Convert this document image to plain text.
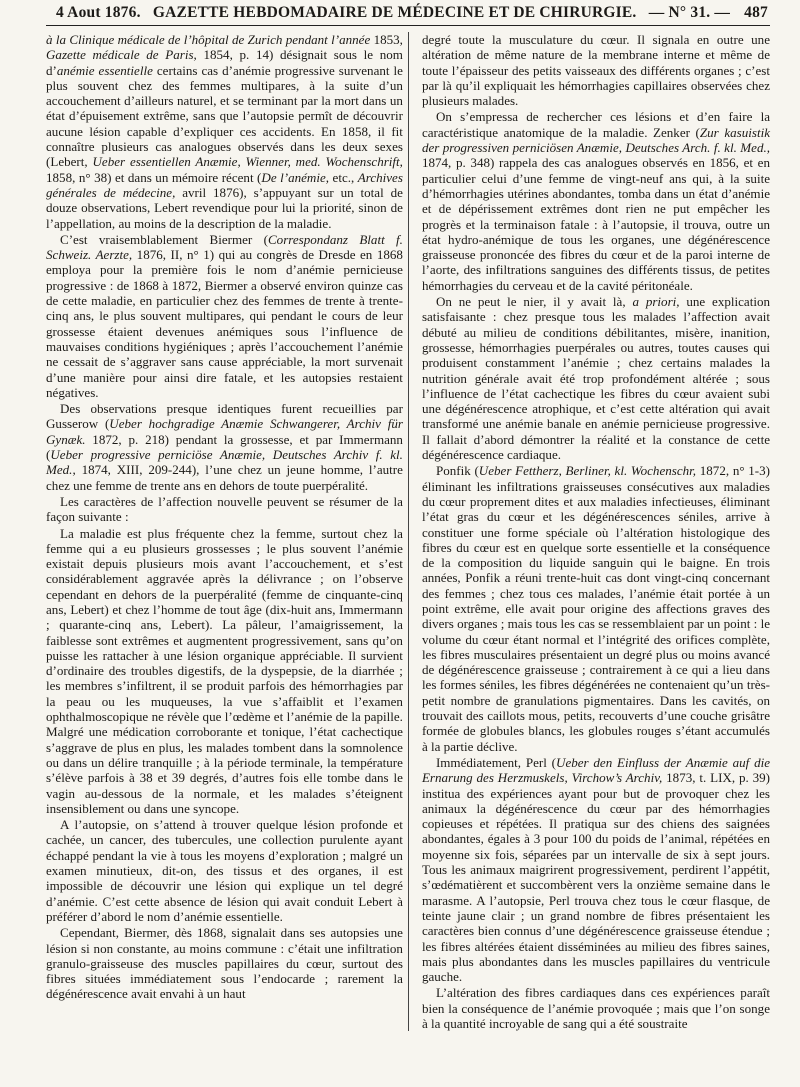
4 Aout 1876. GAZETTE HEBDOMADAIRE DE MÉDECINE ET DE CHIRURGIE. — N° 31. — 487

à la Clinique médicale de l’hôpital de Zurich pendant l’année 1853, Gazette médicale de Paris, 1854, p. 14) désignait sous le nom d’anémie essentielle certains cas d’anémie progressive survenant le plus souvent chez des femmes multipares, à la suite d’un accouchement d’ailleurs naturel, et se terminant par la mort dans un état d’épuisement extrême, sans que l’autopsie permît de découvrir aucune lésion capable d’expliquer ces accidents. En 1858, il fit connaître plusieurs cas analogues observés dans les deux sexes (Lebert, Ueber essentiellen Anæmie, Wienner, med. Wochenschrift, 1858, n° 38) et dans un mémoire récent (De l’anémie, etc., Archives générales de médecine, avril 1876), s’appuyant sur un total de douze observations, Lebert revendique pour lui la priorité, sinon de l’appellation, au moins de la description de la maladie.

C’est vraisemblablement Biermer (Correspondanz Blatt f. Schweiz. Aerzte, 1876, II, n° 1) qui au congrès de Dresde en 1868 employa pour la première fois le nom d’anémie pernicieuse progressive : de 1868 à 1872, Biermer a observé environ quinze cas de cette maladie, en particulier chez des femmes de trente à trente-cinq ans, le plus souvent multipares, qui pendant le cours de leur grossesse étaient devenues anémiques sous l’influence de mauvaises conditions hygiéniques ; après l’accouchement l’anémie ne cessait de s’aggraver sans cause appréciable, la mort survenait d’une manière pour ainsi dire fatale, et les autopsies restaient négatives.

Des observations presque identiques furent recueillies par Gusserow (Ueber hochgradige Anæmie Schwangerer, Archiv für Gynæk. 1872, p. 218) pendant la grossesse, et par Immermann (Ueber progressive perniciöse Anæmie, Deutsches Archiv f. kl. Med., 1874, XIII, 209-244), l’une chez un jeune homme, l’autre chez une femme de trente ans en dehors de toute puerpéralité.

Les caractères de l’affection nouvelle peuvent se résumer de la façon suivante :

La maladie est plus fréquente chez la femme, surtout chez la femme qui a eu plusieurs grossesses ; le plus souvent l’anémie existait depuis plusieurs mois avant l’accouchement, et s’est considérablement aggravée après la délivrance ; on l’observe cependant en dehors de la puerpéralité (femme de cinquante-cinq ans, Lebert) et chez l’homme de tout âge (dix-huit ans, Immermann ; quarante-cinq ans, Lebert). La pâleur, l’amaigrissement, la faiblesse sont extrêmes et augmentent progressivement, sans qu’on puisse les rattacher à une lésion organique appréciable. Il survient d’ordinaire des troubles digestifs, de la dyspepsie, de la diarrhée ; les membres s’infiltrent, il se produit parfois des hémorrhagies par la peau ou les muqueuses, la vue s’affaiblit et l’examen ophthalmoscopique ne révèle que l’œdème et l’anémie de la papille. Malgré une médication corroborante et tonique, l’état cachectique s’aggrave de plus en plus, les malades tombent dans la somnolence ou dans un délire tranquille ; à la période terminale, la température s’élève parfois à 38 et 39 degrés, d’autres fois elle tombe dans le vagin au-dessous de la normale, et les malades s’éteignent insensiblement ou dans une syncope.

A l’autopsie, on s’attend à trouver quelque lésion profonde et cachée, un cancer, des tubercules, une collection purulente ayant échappé pendant la vie à tous les moyens d’exploration ; malgré un examen minutieux, dit-on, des tissus et des organes, il est impossible de découvrir une lésion qui explique un tel degré d’anémie. C’est cette absence de lésion qui avait conduit Lebert à préférer d’abord le nom d’anémie essentielle.

Cependant, Biermer, dès 1868, signalait dans ses autopsies une lésion si non constante, au moins commune : c’était une infiltration granulo-graisseuse des muscles papillaires du cœur, surtout des fibres situées immédiatement sous l’endocarde ; rarement la dégénérescence avait envahi à un haut

degré toute la musculature du cœur. Il signala en outre une altération de même nature de la membrane interne et même de toute l’épaisseur des petits vaisseaux des différents organes ; c’est par là qu’il expliquait les hémorrhagies capillaires observées chez plusieurs malades.

On s’empressa de rechercher ces lésions et d’en faire la caractéristique anatomique de la maladie. Zenker (Zur kasuistik der progressiven perniciösen Anæmie, Deutsches Arch. f. kl. Med., 1874, p. 348) rappela des cas analogues observés en 1856, et en particulier celui d’une femme de vingt-neuf ans qui, à la suite d’hémorrhagies utérines abondantes, tomba dans un état d’anémie et de dépérissement extrêmes dont rien ne put empêcher les progrès et la terminaison fatale : à l’autopsie, il trouva, outre un état hydro-anémique de tous les organes, une dégénérescence graisseuse prononcée des fibres du cœur et de la paroi interne de l’aorte, des infiltrations sanguines des différents tissus, de petites hémorrhagies du cerveau et de la cavité péritonéale.

On ne peut le nier, il y avait là, a priori, une explication satisfaisante : chez presque tous les malades l’affection avait débuté au milieu de conditions débilitantes, misère, inanition, grossesse, hémorrhagies puerpérales ou autres, toutes causes qui produisent constamment l’anémie ; chez certains malades la nutrition générale avait été trop profondément altérée ; sous l’influence de l’état cachectique les fibres du cœur avaient subi une dégénérescence atrophique, et c’est cette altération qui avait transformé une anémie banale en anémie pernicieuse progressive. Il fallait d’abord démontrer la réalité et la constance de cette dégénérescence cardiaque.

Ponfik (Ueber Fettherz, Berliner, kl. Wochenschr, 1872, n° 1-3) éliminant les infiltrations graisseuses consécutives aux maladies du cœur proprement dites et aux maladies infectieuses, éliminant l’état gras du cœur et les dégénérescences séniles, arrive à constituer une forme spéciale où l’altération histologique des fibres du cœur est en quelque sorte essentielle et la conséquence de la composition du liquide sanguin qui le baigne. En trois années, Ponfik a réuni trente-huit cas dont vingt-cinq concernant des femmes ; chez tous ces malades, l’anémie était portée à un point extrême, elle avait pour origine des affections graves des divers organes ; mais tous les cas se ressemblaient par un point : le volume du cœur étant normal et l’intégrité des orifices complète, les fibres musculaires présentaient un degré plus ou moins avancé de dégénérescence graisseuse ; contrairement à ce qui a lieu dans les formes séniles, les fibres dégénérées ne contenaient qu’un très-petit nombre de granulations pigmentaires. Dans les cavités, on trouvait des caillots mous, petits, recouverts d’une couche grisâtre formée de globules blancs, les globules rouges s’étant accumulés à la partie déclive.

Immédiatement, Perl (Ueber den Einfluss der Anæmie auf die Ernarung des Herzmuskels, Virchow’s Archiv, 1873, t. LIX, p. 39) institua des expériences ayant pour but de provoquer chez les animaux la dégénérescence du cœur par des hémorrhagies copieuses et répétées. Il pratiqua sur des chiens des saignées abondantes, égales à 3 pour 100 du poids de l’animal, répétées en moyenne six fois, séparées par un intervalle de six à sept jours. Tous les animaux maigrirent progressivement, perdirent l’appétit, s’œdématièrent et succombèrent vers la onzième semaine dans le marasme. A l’autopsie, Perl trouva chez tous le cœur flasque, de teinte jaune clair ; un grand nombre de fibres présentaient les caractères bien connus d’une dégénérescence graisseuse étendue ; les fibres altérées étaient disséminées au milieu des fibres saines, mais plus abondantes dans les muscles papillaires du ventricule gauche.

L’altération des fibres cardiaques dans ces expériences paraît bien la conséquence de l’anémie provoquée ; mais que l’on songe à la quantité incroyable de sang qui a été soustraite
